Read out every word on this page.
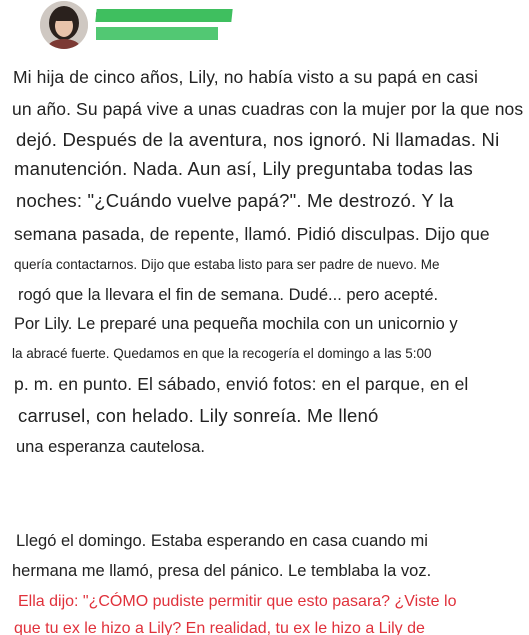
Mi hija de cinco años, Lily, no había visto a su papá en casi

un año. Su papá vive a unas cuadras con la mujer por la que nos

dejó. Después de la aventura, nos ignoró. Ni llamadas. Ni

manutención. Nada. Aun así, Lily preguntaba todas las

noches: "¿Cuándo vuelve papá?". Me destrozó. Y la

semana pasada, de repente, llamó. Pidió disculpas. Dijo que

quería contactarnos. Dijo que estaba listo para ser padre de nuevo. Me

rogó que la llevara el fin de semana. Dudé... pero acepté.

Por Lily. Le preparé una pequeña mochila con un unicornio y

la abracé fuerte. Quedamos en que la recogería el domingo a las 5:00

p. m. en punto. El sábado, envió fotos: en el parque, en el

carrusel, con helado. Lily sonreía. Me llenó

una esperanza cautelosa.

Llegó el domingo. Estaba esperando en casa cuando mi

hermana me llamó, presa del pánico. Le temblaba la voz.

Ella dijo: "¿CÓMO pudiste permitir que esto pasara? ¿Viste lo

que tu ex le hizo a Lily? En realidad, tu ex le hizo a Lily de
